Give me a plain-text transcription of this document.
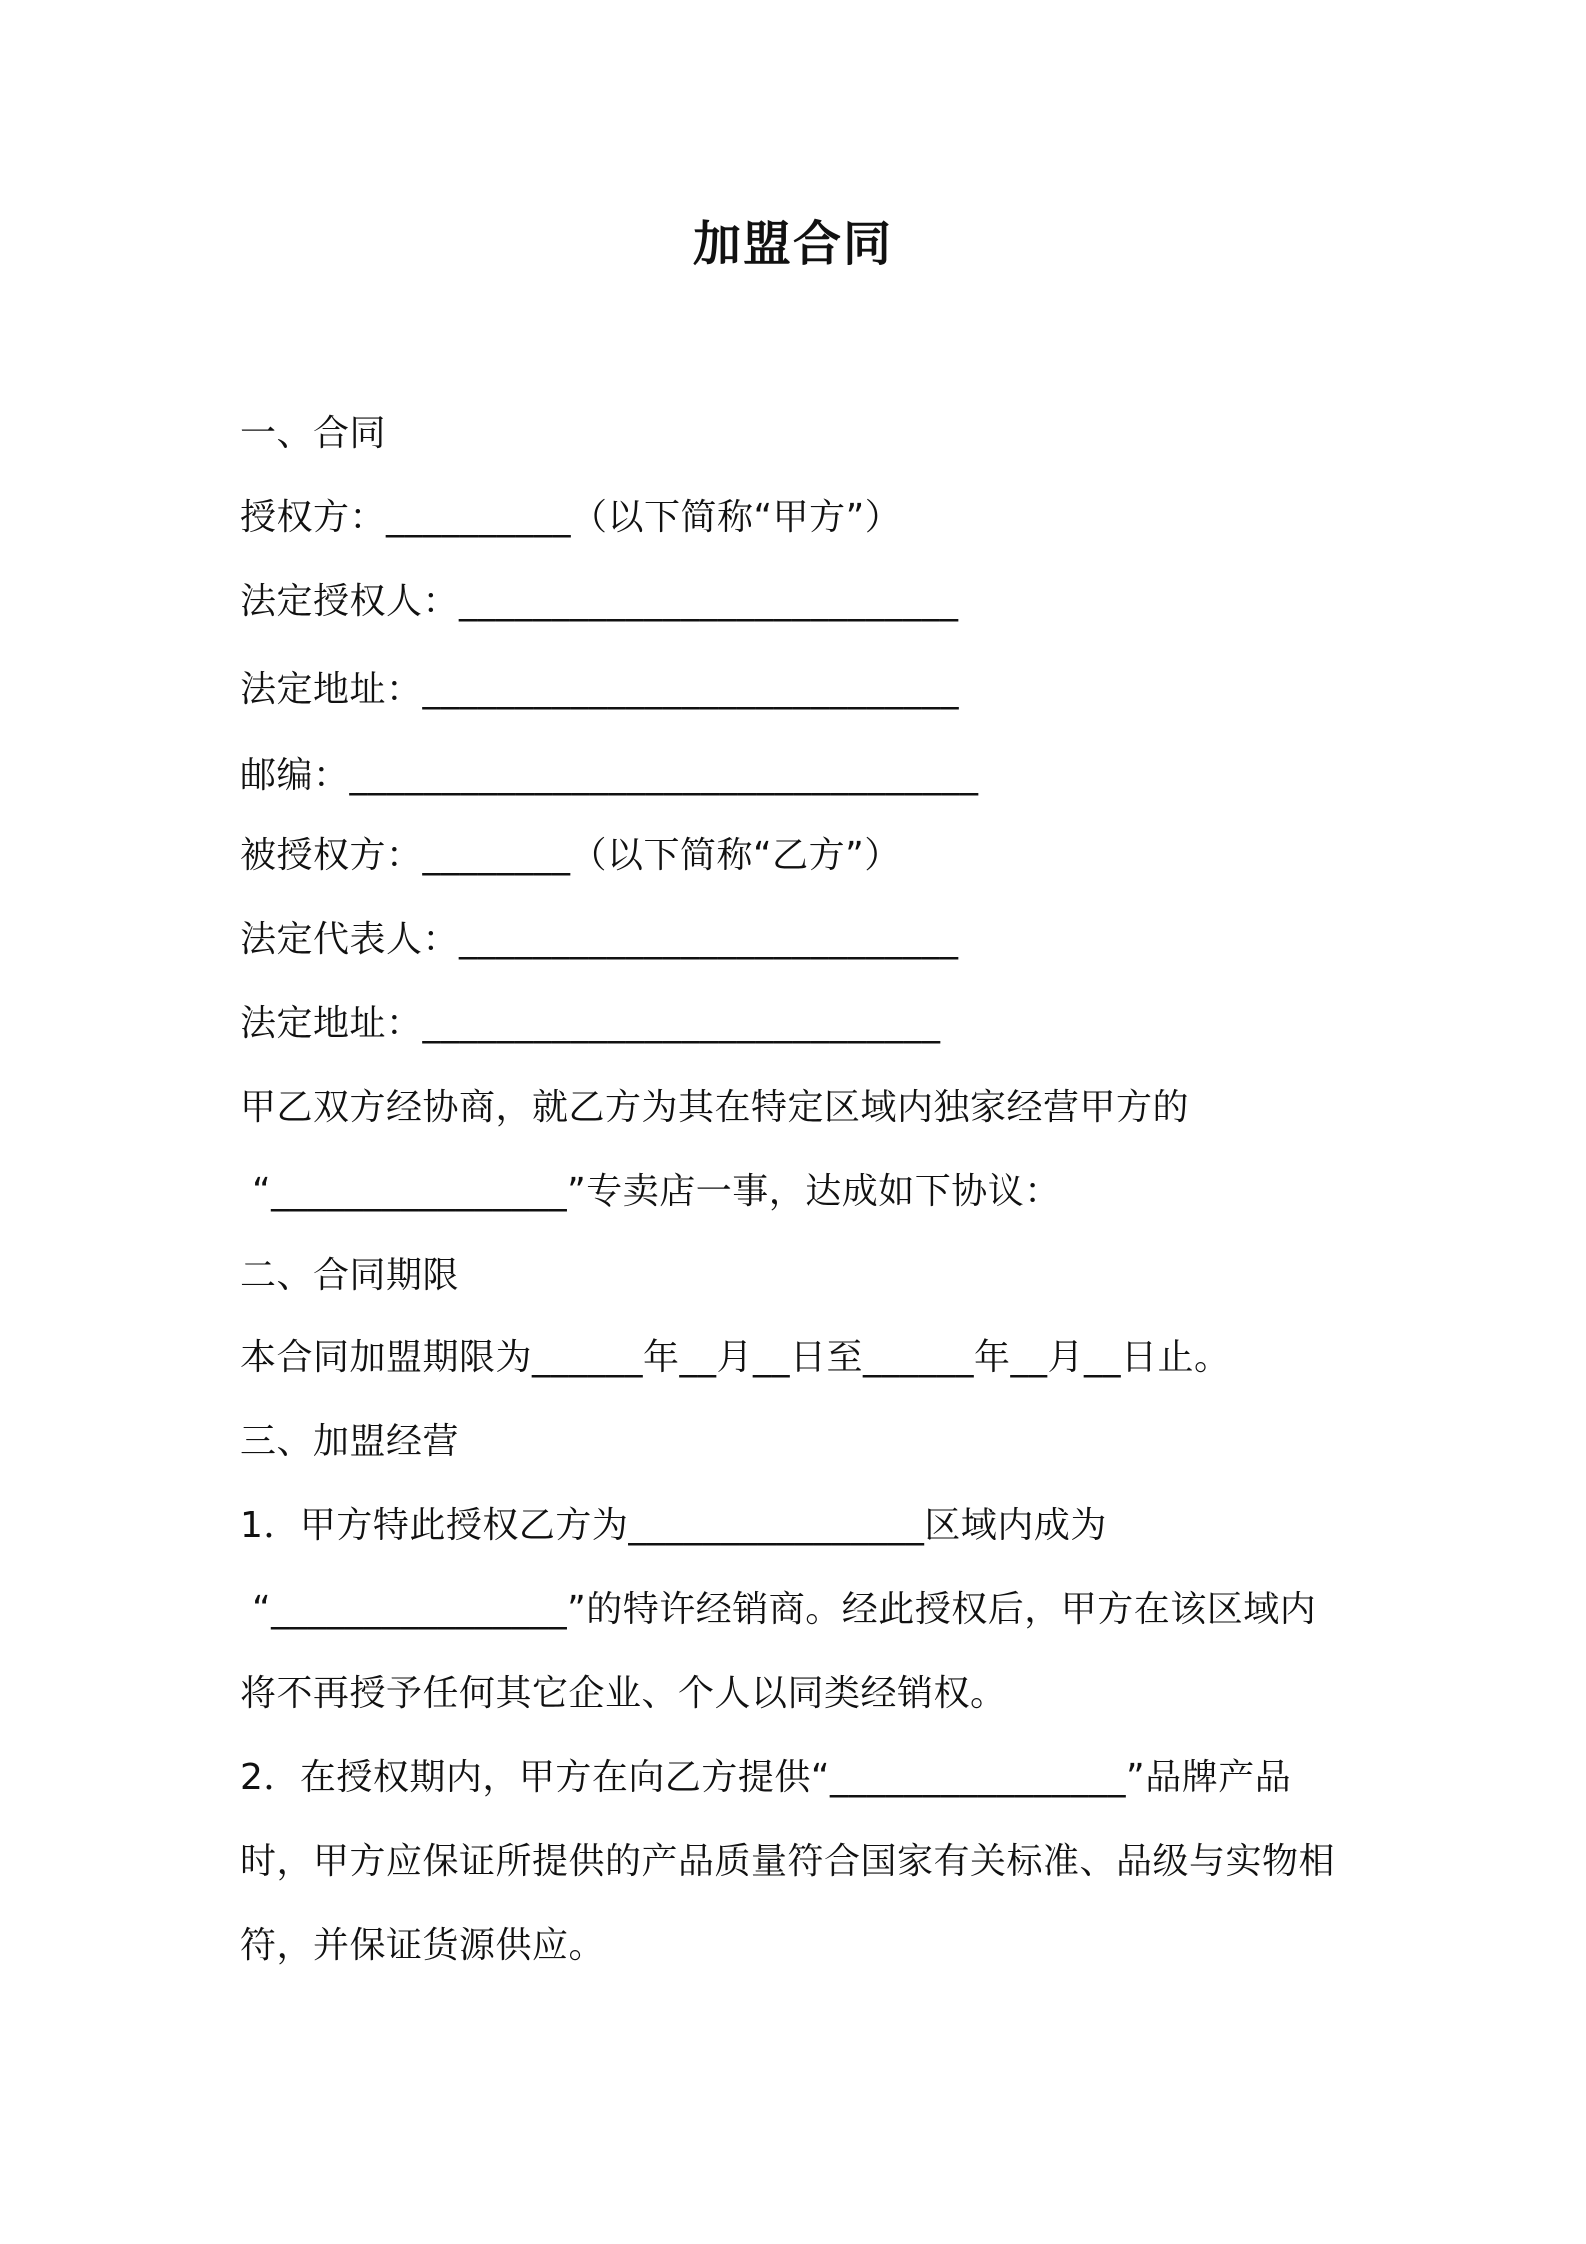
加盟合同
一、合同
授权方：__________（以下简称“甲方”）
法定授权人：___________________________
法定地址：_____________________________
邮编：__________________________________
被授权方：________（以下简称“乙方”）
法定代表人：___________________________
法定地址：____________________________
甲乙双方经协商，就乙方为其在特定区域内独家经营甲方的
“________________”专卖店一事，达成如下协议：
二、合同期限
本合同加盟期限为______年__月__日至______年__月__日止。
三、加盟经营
1．甲方特此授权乙方为________________区域内成为
“________________”的特许经销商。经此授权后，甲方在该区域内
将不再授予任何其它企业、个人以同类经销权。
2．在授权期内，甲方在向乙方提供“________________”品牌产品
时，甲方应保证所提供的产品质量符合国家有关标准、品级与实物相
符，并保证货源供应。
